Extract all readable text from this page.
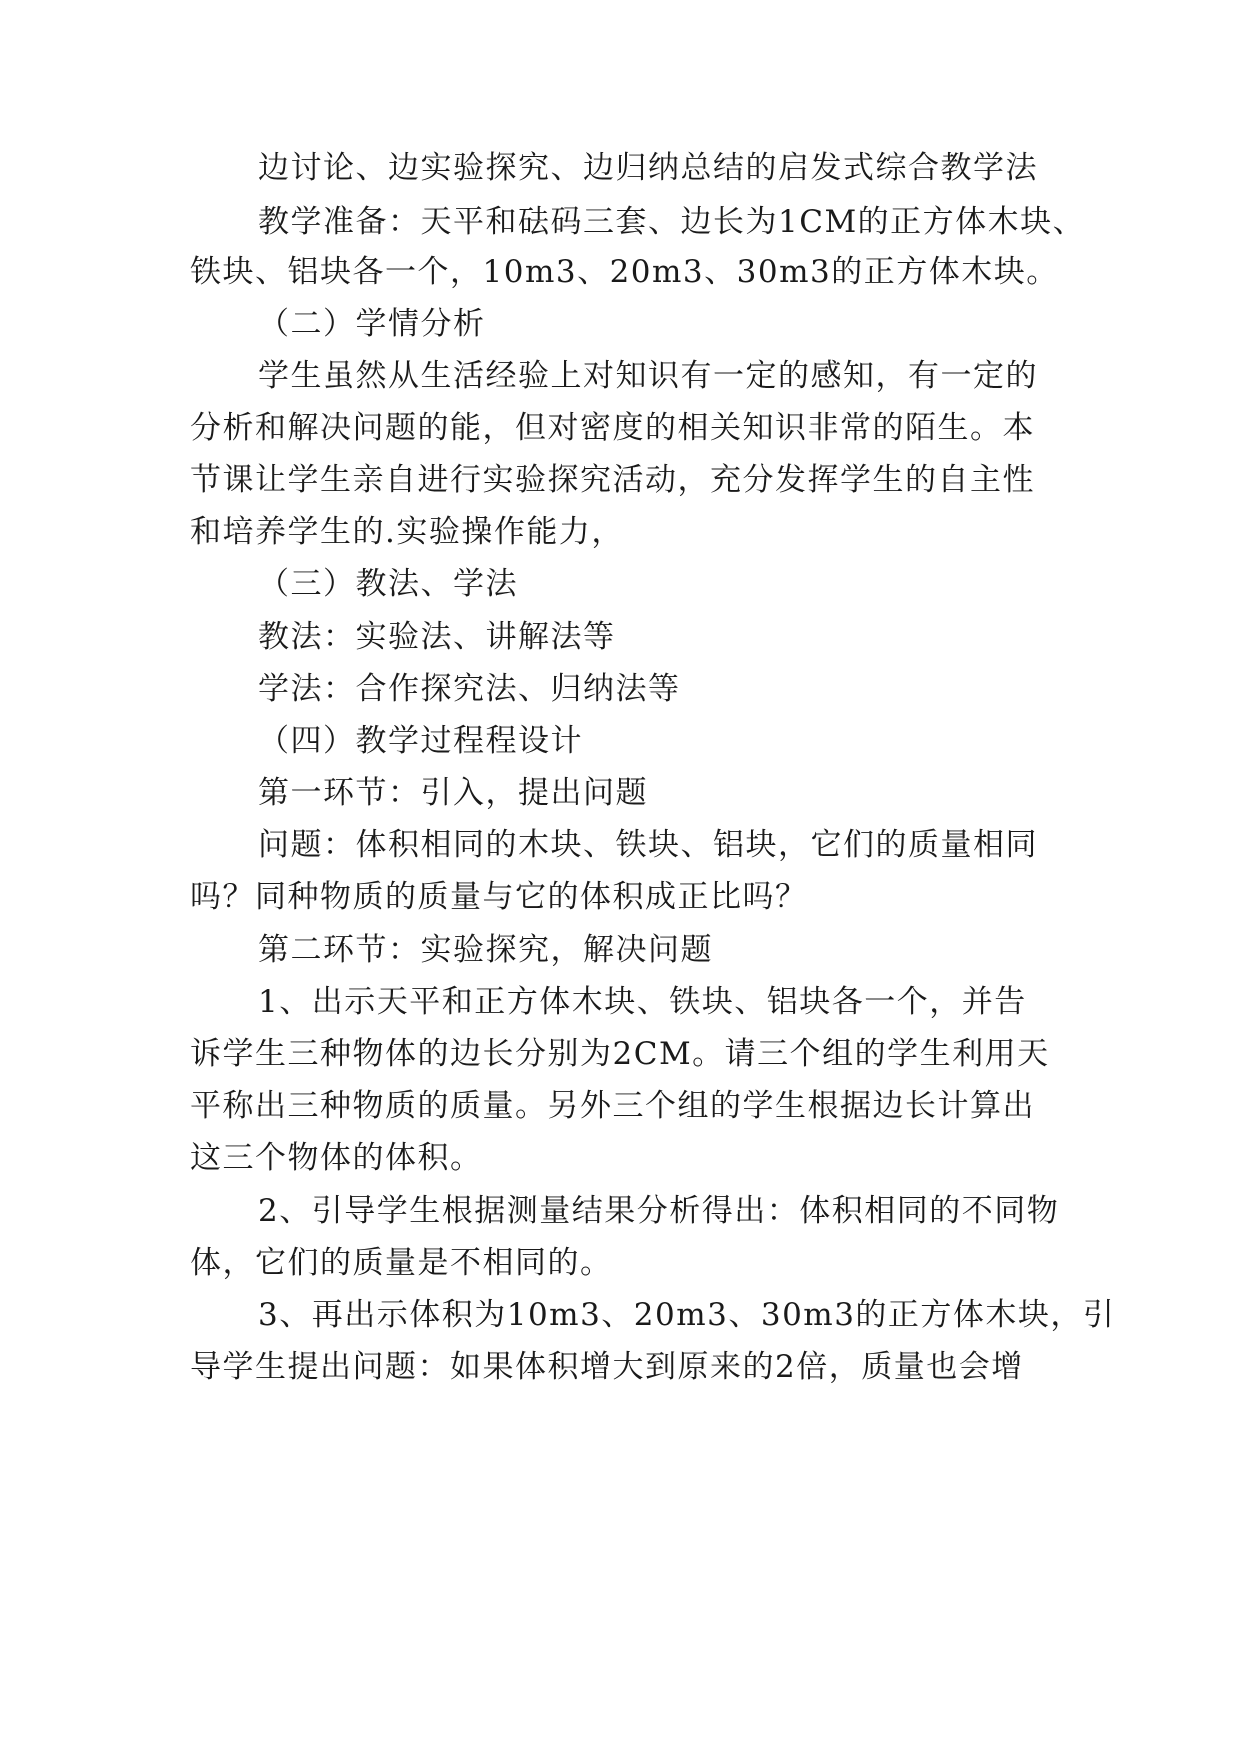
边讨论、边实验探究、边归纳总结的启发式综合教学法
教学准备：天平和砝码三套、边长为1CM的正方体木块、
铁块、铝块各一个，10m3、20m3、30m3的正方体木块。
（二）学情分析
学生虽然从生活经验上对知识有一定的感知，有一定的
分析和解决问题的能，但对密度的相关知识非常的陌生。本
节课让学生亲自进行实验探究活动，充分发挥学生的自主性
和培养学生的.实验操作能力，
（三）教法、学法
教法：实验法、讲解法等
学法：合作探究法、归纳法等
（四）教学过程程设计
第一环节：引入，提出问题
问题：体积相同的木块、铁块、铝块，它们的质量相同
吗？同种物质的质量与它的体积成正比吗？
第二环节：实验探究，解决问题
1、出示天平和正方体木块、铁块、铝块各一个，并告
诉学生三种物体的边长分别为2CM。请三个组的学生利用天
平称出三种物质的质量。另外三个组的学生根据边长计算出
这三个物体的体积。
2、引导学生根据测量结果分析得出：体积相同的不同物
体，它们的质量是不相同的。
3、再出示体积为10m3、20m3、30m3的正方体木块，引
导学生提出问题：如果体积增大到原来的2倍，质量也会增
